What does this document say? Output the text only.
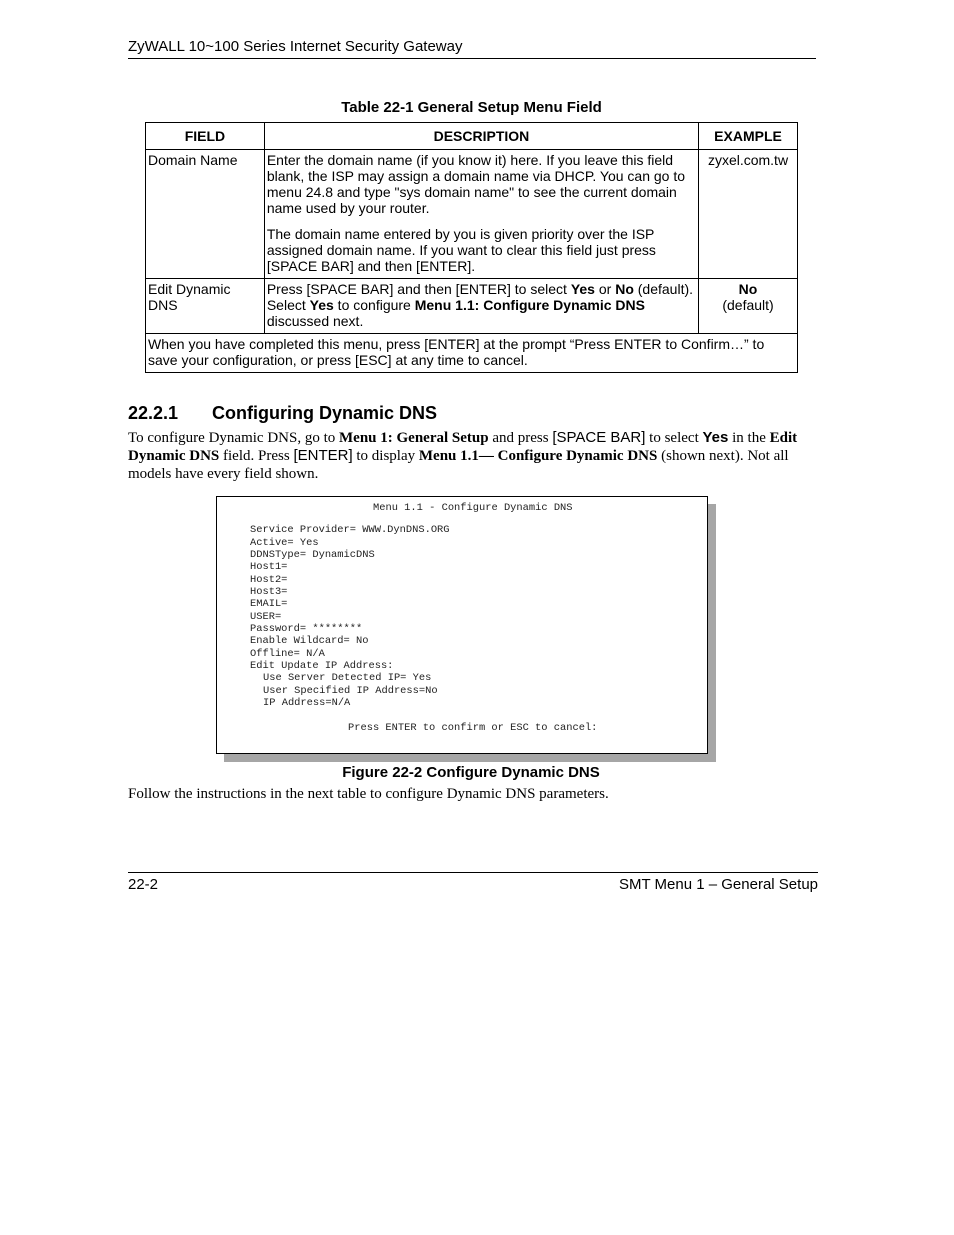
ZyWALL 10~100 Series Internet Security Gateway
Table 22-1 General Setup Menu Field
FIELD	DESCRIPTION	EXAMPLE
Domain Name	Enter the domain name (if you know it) here. If you leave this field blank, the ISP may assign a domain name via DHCP. You can go to menu 24.8 and type "sys domain name" to see the current domain name used by your router.

The domain name entered by you is given priority over the ISP assigned domain name. If you want to clear this field just press [SPACE BAR] and then [ENTER].	zyxel.com.tw
Edit Dynamic DNS	Press [SPACE BAR] and then [ENTER] to select Yes or No (default). Select Yes to configure Menu 1.1: Configure Dynamic DNS discussed next.	No
(default)
When you have completed this menu, press [ENTER] at the prompt “Press ENTER to Confirm…” to save your configuration, or press [ESC] at any time to cancel.		
22.2.1 Configuring Dynamic DNS
To configure Dynamic DNS, go to Menu 1: General Setup and press [SPACE BAR] to select Yes in the Edit Dynamic DNS field. Press [ENTER] to display Menu 1.1— Configure Dynamic DNS (shown next). Not all models have every field shown.
Menu 1.1 - Configure Dynamic DNS
Service Provider= WWW.DynDNS.ORG
Active= Yes
DDNSType= DynamicDNS
Host1=
Host2=
Host3=
EMAIL=
USER=
Password= ********
Enable Wildcard= No
Offline= N/A
Edit Update IP Address:
Use Server Detected IP= Yes
User Specified IP Address=No
IP Address=N/A

Press ENTER to confirm or ESC to cancel:
Figure 22-2 Configure Dynamic DNS
Follow the instructions in the next table to configure Dynamic DNS parameters.
22-2	SMT Menu 1 – General Setup
